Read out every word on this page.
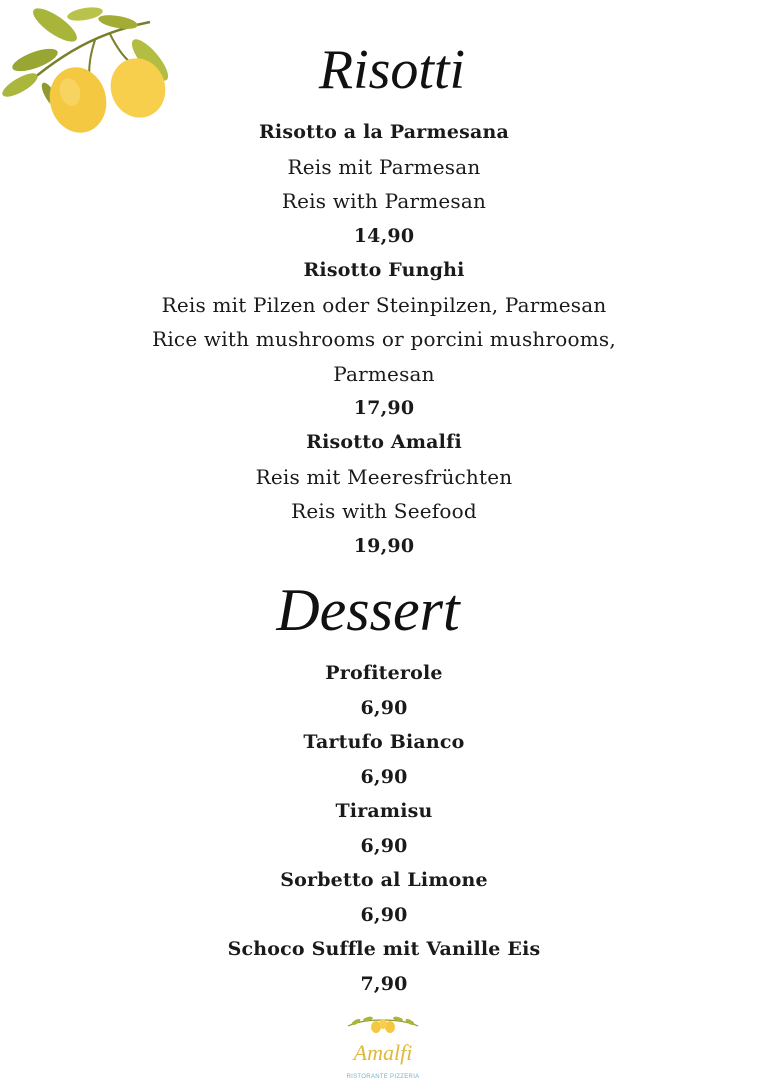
Risotti
Risotto a la Parmesana
Reis mit Parmesan
Reis with Parmesan
14,90
Risotto Funghi
Reis mit Pilzen oder Steinpilzen, Parmesan
Rice with mushrooms or porcini mushrooms,
Parmesan
17,90
Risotto Amalfi
Reis mit Meeresfrüchten
Reis with Seefood
19,90
Dessert
Profiterole
6,90
Tartufo Bianco
6,90
Tiramisu
6,90
Sorbetto al Limone
6,90
Schoco Suffle mit Vanille Eis
7,90
Amalfi
RISTORANTE PIZZERIA
